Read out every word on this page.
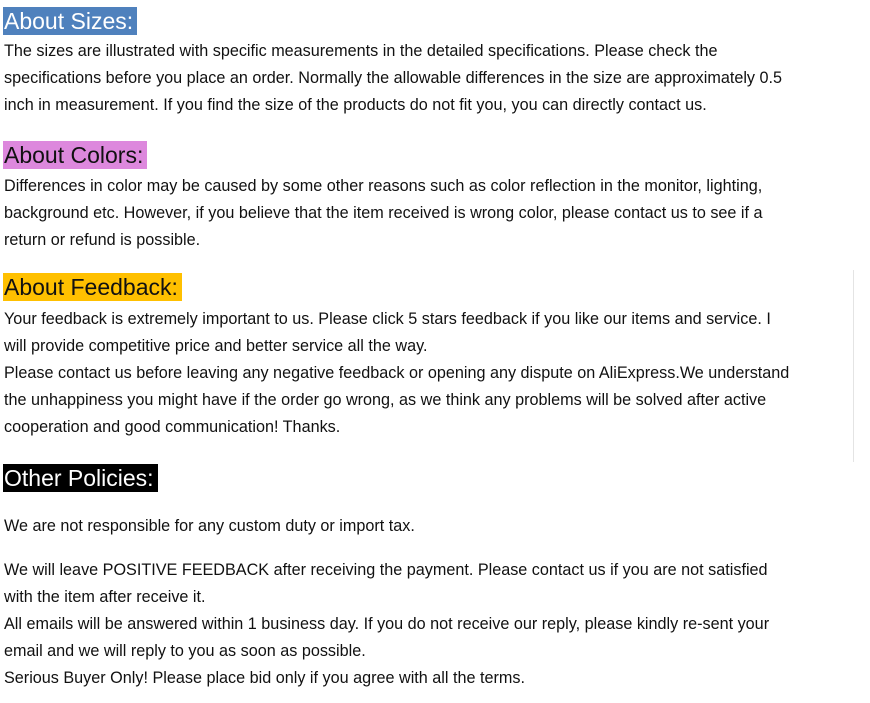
About Sizes:
The sizes are illustrated with specific measurements in the detailed specifications. Please check the
specifications before you place an order. Normally the allowable differences in the size are approximately 0.5
inch in measurement. If you find the size of the products do not fit you, you can directly contact us.
About Colors:
Differences in color may be caused by some other reasons such as color reflection in the monitor, lighting,
background etc. However, if you believe that the item received is wrong color, please contact us to see if a
return or refund is possible.
About Feedback:
Your feedback is extremely important to us. Please click 5 stars feedback if you like our items and service. I
will provide competitive price and better service all the way.
Please contact us before leaving any negative feedback or opening any dispute on AliExpress.We understand
the unhappiness you might have if the order go wrong, as we think any problems will be solved after active
cooperation and good communication! Thanks.
Other Policies:
We are not responsible for any custom duty or import tax.
We will leave POSITIVE FEEDBACK after receiving the payment. Please contact us if you are not satisfied
with the item after receive it.
All emails will be answered within 1 business day. If you do not receive our reply, please kindly re-sent your
email and we will reply to you as soon as possible.
Serious Buyer Only! Please place bid only if you agree with all the terms.
